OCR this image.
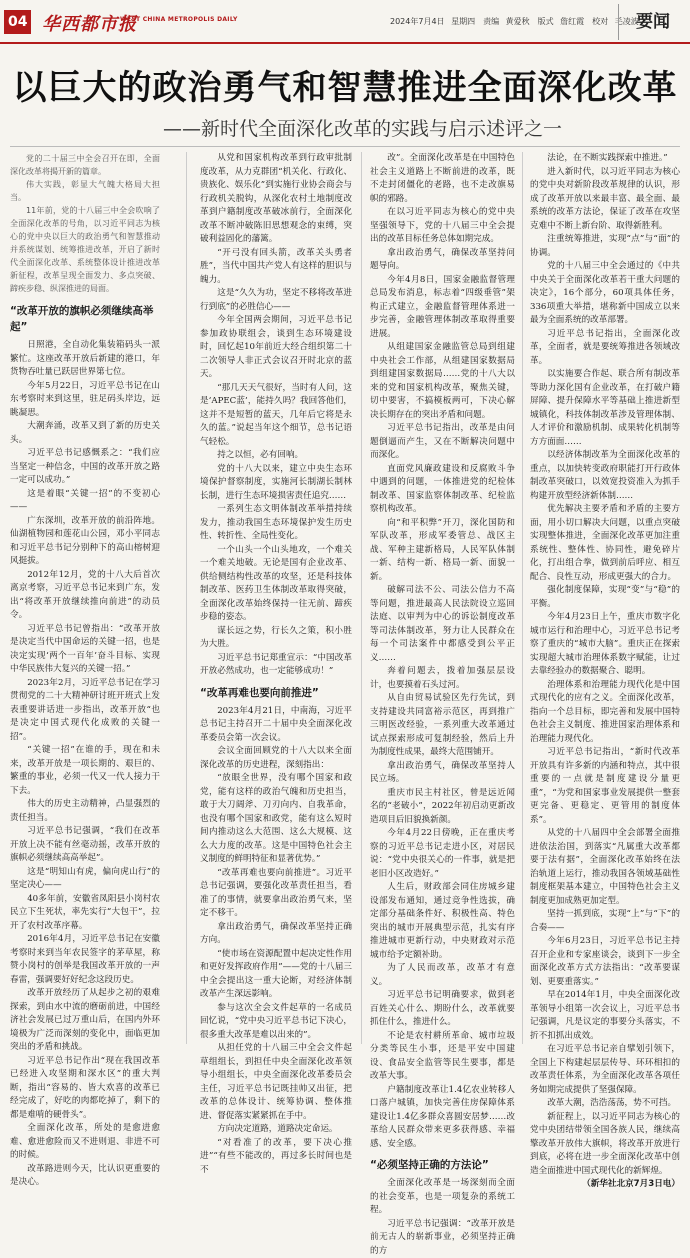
04 华西都市报
WEST CHINA METROPOLIS DAILY	2024年7月4日 星期四　责编 黄爱秋　版式 詹红霞　校对 毛凌波
要闻
以巨大的政治勇气和智慧推进全面深化改革
——新时代全面深化改革的实践与启示述评之一

党的二十届三中全会召开在即，全面深化改革将揭开新的篇章。

伟大实践，彰显大气魄大格局大担当。

11年前，党的十八届三中全会吹响了全面深化改革的号角，以习近平同志为核心的党中央以巨大的政治勇气和智慧推动并系统谋划、统筹推进改革，开启了新时代全面深化改革、系统整体设计推进改革新征程，改革呈现全面发力、多点突破、蹄疾步稳、纵深推进的局面。

“改革开放的旗帜必须继续高举起”

日照港，全自动化集装箱码头一派繁忙。这座改革开放后新建的港口，年货物吞吐量已跃居世界第七位。

今年5月22日，习近平总书记在山东考察时来到这里，驻足码头岸边，远眺凝思。

大潮奔涌，改革又到了新的历史关头。

习近平总书记感慨系之：“我们应当坚定一种信念，中国的改革开放之路一定可以成功。”

这是着眼“关键一招”的不变初心——

广东深圳，改革开放的前沿阵地。仙湖植物园和莲花山公园，邓小平同志和习近平总书记分别种下的高山榕树迎风挺拔。

2012年12月，党的十八大后首次离京考察，习近平总书记来到广东，发出“将改革开放继续推向前进”的动员令。

习近平总书记曾指出：“改革开放是决定当代中国命运的关键一招，也是决定实现‘两个一百年’奋斗目标、实现中华民族伟大复兴的关键一招。”

2023年2月，习近平总书记在学习贯彻党的二十大精神研讨班开班式上发表重要讲话进一步指出，改革开放“也是决定中国式现代化成败的关键一招”。

“关键一招”在谁的手，现在和未来，改革开放是一项长期的、艰巨的、繁重的事业，必须一代又一代人接力干下去。

伟大的历史主动精神，凸显强烈的责任担当。

习近平总书记强调，“我们在改革开放上决不能有丝毫动摇，改革开放的旗帜必须继续高高举起”。

这是“明知山有虎，偏向虎山行”的坚定决心——

40多年前，安徽省凤阳县小岗村农民立下生死状，率先实行“大包干”，拉开了农村改革序幕。

2016年4月，习近平总书记在安徽考察时来到当年农民签字的茅草屋，称赞小岗村的创举是我国改革开放的一声春雷，强调要好好纪念这段历史。

改革开放经历了从起步之初的艰难探索，到由水中流的磨砺前进，中国经济社会发展已过万重山后，在国内外环境极为广泛而深刻的变化中，面临更加突出的矛盾和挑战。

习近平总书记作出“现在我国改革已经进入攻坚期和深水区”的重大判断，指出“容易的、皆大欢喜的改革已经完成了，好吃的肉都吃掉了，剩下的都是难啃的硬骨头”。

全面深化改革，所处的是愈进愈难、愈进愈险而又不进则退、非进不可的时候。

改革路进则今天，比认识更重要的是决心。

从党和国家机构改革到行政审批制度改革，从力克群团“机关化、行政化、贵族化、娱乐化”到实施行业协会商会与行政机关脱钩，从深化农村土地制度改革到户籍制度改革破冰前行，全面深化改革不断冲破陈旧思想观念的束缚，突破利益固化的藩篱。

“开弓没有回头箭，改革关头勇者胜”，当代中国共产党人有这样的胆识与魄力。

这是“久久为功，坚定不移将改革进行到底”的必胜信心——

今年全国两会期间，习近平总书记参加政协联组会，谈到生态环境建设时，回忆起10年前近大经合组织第二十二次领导人非正式会议召开时北京的蓝天。

“那几天天气很好，当时有人问，这是‘APEC蓝’，能持久吗？我回答他们，这并不是短暂的蓝天，几年后它将是永久的蓝。”说起当年这个细节，总书记语气轻松。

持之以恒，必有回响。

党的十八大以来，建立中央生态环境保护督察制度，实施河长制湖长制林长制，进行生态环境损害责任追究……

一系列生态文明体制改革举措持续发力，推动我国生态环境保护发生历史性、转折性、全局性变化。

一个山头一个山头地攻，一个难关一个难关地破。无论是国有企业改革、供给侧结构性改革的攻坚，还是科技体制改革、医药卫生体制改革取得突破，全面深化改革始终保持一往无前、蹄疾步稳的姿态。

谋长远之势，行长久之策，积小胜为大胜。

习近平总书记郑重宣示：“中国改革开放必然成功，也一定能够成功！”

“改革再难也要向前推进”

2023年4月21日，中南海，习近平总书记主持召开二十届中央全面深化改革委员会第一次会议。

会议全面回顾党的十八大以来全面深化改革的历史进程，深刻指出：

“放眼全世界，没有哪个国家和政党，能有这样的政治气魄和历史担当，敢于大刀阔斧、刀刃向内、自我革命，也没有哪个国家和政党，能有这么短时间内推动这么大范围、这么大规模、这么大力度的改革。这是中国特色社会主义制度的鲜明特征和显著优势。”

“改革再难也要向前推进”。习近平总书记强调，要强化改革责任担当，看准了的事情，就要拿出政治勇气来，坚定不移干。

拿出政治勇气，确保改革坚持正确方向。

“使市场在资源配置中起决定性作用和更好发挥政府作用”——党的十八届三中全会提出这一重大论断，对经济体制改革产生深远影响。

参与这次全会文件起草的一名成员回忆说，“党中央习近平总书记下决心，很多重大改革是难以出来的”。

从担任党的十八届三中全会文件起草组组长，到担任中央全面深化改革领导小组组长，中央全面深化改革委员会主任，习近平总书记既挂帅又出征，把改革的总体设计、统筹协调、整体推进、督促落实紧紧抓在手中。

方向决定道路，道路决定命运。

“对看准了的改革，要下决心推进”“有些不能改的，再过多长时间也是不

改”。全面深化改革是在中国特色社会主义道路上不断前进的改革，既不走封闭僵化的老路，也不走改旗易帜的邪路。

在以习近平同志为核心的党中央坚强领导下，党的十八届三中全会提出的改革目标任务总体如期完成。

拿出政治勇气，确保改革坚持问题导向。

今年4月8日，国家金融监督管理总局发布消息，标志着“四级垂管”架构正式建立，金融监督管理体系进一步完善，金融管理体制改革取得重要进展。

从组建国家金融监管总局到组建中央社会工作部，从组建国家数据局到组建国家数据局……党的十八大以来的党和国家机构改革，聚焦关键，切中要害，不搞模板两可，下决心解决长期存在的突出矛盾和问题。

习近平总书记指出，改革是由问题倒逼而产生，又在不断解决问题中而深化。

直面党风廉政建设和反腐败斗争中遇到的问题，一体推进党的纪检体制改革、国家监察体制改革、纪检监察机构改革。

向“和平积弊”开刀，深化国防和军队改革，形成军委管总、战区主战、军种主建新格局，人民军队体制一新、结构一新、格局一新、面貌一新。

破解司法不公、司法公信力不高等问题，推进最高人民法院设立巡回法庭、以审判为中心的诉讼制度改革等司法体制改革，努力让人民群众在每一个司法案件中都感受到公平正义……

奔着问题去，拨着加强层层设计，也要摸着石头过河。

从自由贸易试验区先行先试，到支持建设共同富裕示范区，再到推广三明医改经验，一系列重大改革通过试点探索形成可复制经验，然后上升为制度性成果，最终大范围铺开。

拿出政治勇气，确保改革坚持人民立场。

重庆市民主村社区，曾是远近闻名的“老破小”，2022年初启动更新改造项目后旧貌换新颜。

今年4月22日傍晚，正在重庆考察的习近平总书记走进小区，对居民说：“党中央很关心的一件事，就是把老旧小区改造好。”

人生后，财政部会同住房城乡建设部发布通知，通过竞争性选拔，确定部分基础条件好、积极性高、特色突出的城市开展典型示范，扎实有序推进城市更新行动，中央财政对示范城市给予定额补助。

为了人民而改革，改革才有意义。

习近平总书记明确要求，做到老百姓关心什么、期盼什么，改革就要抓住什么，推进什么。

不论是农村耕所革命、城市垃圾分类等民生小事，还是平安中国建设、食品安全监管等民生要事，都是改革大事。

户籍制度改革让1.4亿农业转移人口落户城镇，加快完善住房保障体系建设让1.4亿多群众喜圆安居梦……改革给人民群众带来更多获得感、幸福感、安全感。

“必须坚持正确的方法论”

全面深化改革是一场深刻而全面的社会变革，也是一项复杂的系统工程。

习近平总书记强调：“改革开放是前无古人的崭新事业，必须坚持正确的方

法论，在不断实践探索中推进。”

进入新时代，以习近平同志为核心的党中央对新阶段改革规律的认识，形成了改革开放以来最丰富、最全面、最系统的改革方法论，保证了改革在攻坚克难中不断上新台阶、取得新胜利。

注重统筹推进，实现“点”与“面”的协调。

党的十八届三中全会通过的《中共中央关于全面深化改革若干重大问题的决定》，16个部分，60项具体任务，336项重大举措，堪称新中国成立以来最为全面系统的改革部署。

习近平总书记指出，全面深化改革，全面者，就是要统筹推进各领域改革。

以实施要合作起、联合所有制改革等助力深化国有企业改革，在打破户籍屏障、提升保障水平等基础上推进新型城镇化，科技体制改革涉及管理体制、人才评价和激励机制、成果转化机制等方方面面……

以经济体制改革为全面深化改革的重点，以加快转变政府职能打开行政体制改革突破口，以效宽投资准入为抓手构建开放型经济新体制……

优先解决主要矛盾和矛盾的主要方面，用小切口解决大问题，以重点突破实现整体推进，全面深化改革更加注重系统性、整体性、协同性，避免碎片化，打出组合拳，做到前后呼应、相互配合、良性互动，形成更强大的合力。

强化制度保障，实现“变”与“稳”的平衡。

今年4月23日上午，重庆市数字化城市运行和治理中心，习近平总书记考察了重庆的“城市大脑”。重庆正在探索实现超大城市治理体系数字赋能，让过去靠经验办的数据聚合、聪明。

治理体系和治理能力现代化是中国式现代化的应有之义。全面深化改革，指向一个总目标，即完善和发展中国特色社会主义制度、推进国家治理体系和治理能力现代化。

习近平总书记指出，“新时代改革开放具有许多新的内涵和特点，其中很重要的一点就是制度建设分量更重”，“为党和国家事业发展提供一整套更完备、更稳定、更管用的制度体系”。

从党的十八届四中全会部署全面推进依法治国，到落实“凡属重大改革都要于法有据”，全面深化改革始终在法治轨道上运行，推动我国各领域基础性制度框架基本建立，中国特色社会主义制度更加成熟更加定型。

坚持一抓到底，实现“上”与“下”的合奏——

今年6月23日，习近平总书记主持召开企业和专家座谈会，谈到下一步全面深化改革方式方法指出：“改革要谋划、更要重落实。”

早在2014年1月，中央全面深化改革领导小组第一次会议上，习近平总书记强调，凡是议定的事要分头落实，不折不扣抓出成效。

在习近平总书记亲自擘划引领下，全国上下构建起层层传导、环环相扣的改革责任体系，为全面深化改革各项任务如期完成提供了坚强保障。

改革大潮，浩浩荡荡，势不可挡。

新征程上，以习近平同志为核心的党中央团结带领全国各族人民，继续高擎改革开放伟大旗帜，将改革开放进行到底，必将在进一步全面深化改革中创造全面推进中国式现代化的新辉煌。

（新华社北京7月3日电）
